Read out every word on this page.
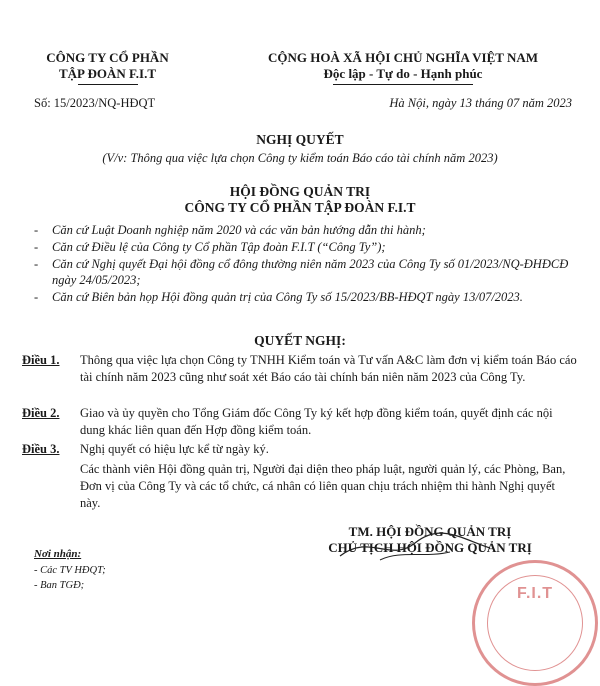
CÔNG TY CỔ PHẦN
TẬP ĐOÀN F.I.T
CỘNG HOÀ XÃ HỘI CHỦ NGHĨA VIỆT NAM
Độc lập - Tự do - Hạnh phúc
Số: 15/2023/NQ-HĐQT	Hà Nội, ngày 13 tháng 07 năm 2023
NGHỊ QUYẾT
(V/v: Thông qua việc lựa chọn Công ty kiểm toán Báo cáo tài chính năm 2023)
HỘI ĐỒNG QUẢN TRỊ
CÔNG TY CỔ PHẦN TẬP ĐOÀN F.I.T
-	Căn cứ Luật Doanh nghiệp năm 2020 và các văn bản hướng dẫn thi hành;
-	Căn cứ Điều lệ của Công ty Cổ phần Tập đoàn F.I.T (“Công Ty”);
-	Căn cứ Nghị quyết Đại hội đồng cổ đông thường niên năm 2023 của Công Ty số 01/2023/NQ-ĐHĐCĐ ngày 24/05/2023;
-	Căn cứ Biên bản họp Hội đồng quản trị của Công Ty số 15/2023/BB-HĐQT ngày 13/07/2023.
QUYẾT NGHỊ:
Điều 1.	Thông qua việc lựa chọn Công ty TNHH Kiểm toán và Tư vấn A&C làm đơn vị kiểm toán Báo cáo tài chính năm 2023 cũng như soát xét Báo cáo tài chính bán niên năm 2023 của Công Ty.
Điều 2.	Giao và ủy quyền cho Tổng Giám đốc Công Ty ký kết hợp đồng kiểm toán, quyết định các nội dung khác liên quan đến Hợp đồng kiểm toán.
Điều 3.	Nghị quyết có hiệu lực kể từ ngày ký.
Các thành viên Hội đồng quản trị, Người đại diện theo pháp luật, người quản lý, các Phòng, Ban, Đơn vị của Công Ty và các tổ chức, cá nhân có liên quan chịu trách nhiệm thi hành Nghị quyết này.
TM. HỘI ĐỒNG QUẢN TRỊ
CHỦ TỊCH HỘI ĐỒNG QUẢN TRỊ
F.I.T
Nơi nhận:
- Các TV HĐQT;
- Ban TGĐ;
